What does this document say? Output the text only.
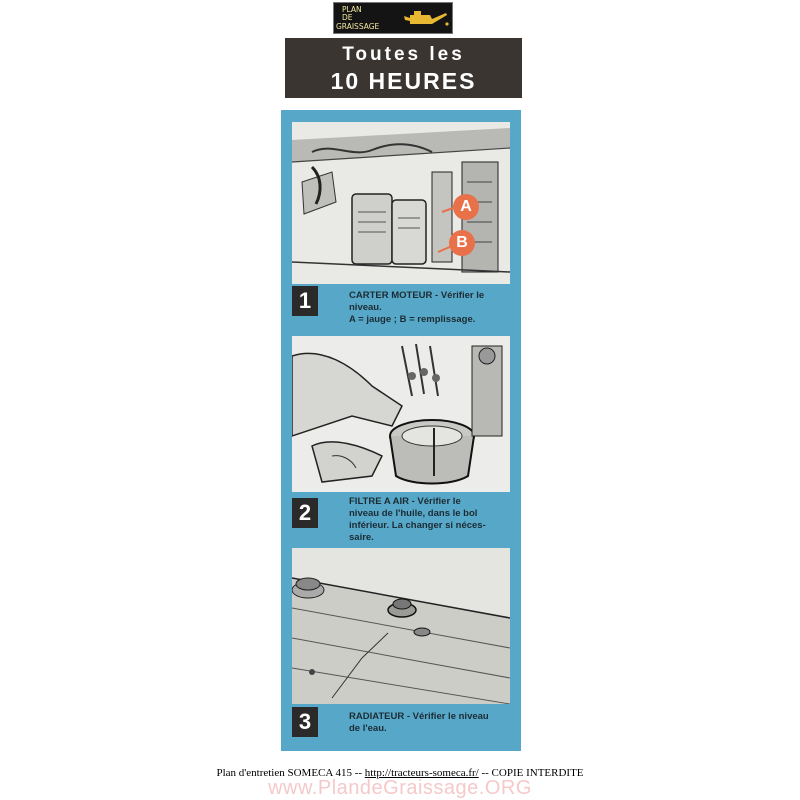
PLAN
DE
GRAISSAGE
Toutes les
10 HEURES
A
B
1	CARTER MOTEUR - Vérifier le
niveau.
A = jauge ; B = remplissage.
2	FILTRE A AIR - Vérifier le
niveau de l'huile, dans le bol
inférieur. La changer si néces-
saire.
3	RADIATEUR - Vérifier le niveau
de l'eau.
Plan d'entretien SOMECA 415 -- http://tracteurs-someca.fr/ -- COPIE INTERDITE
www.PlandeGraissage.ORG
